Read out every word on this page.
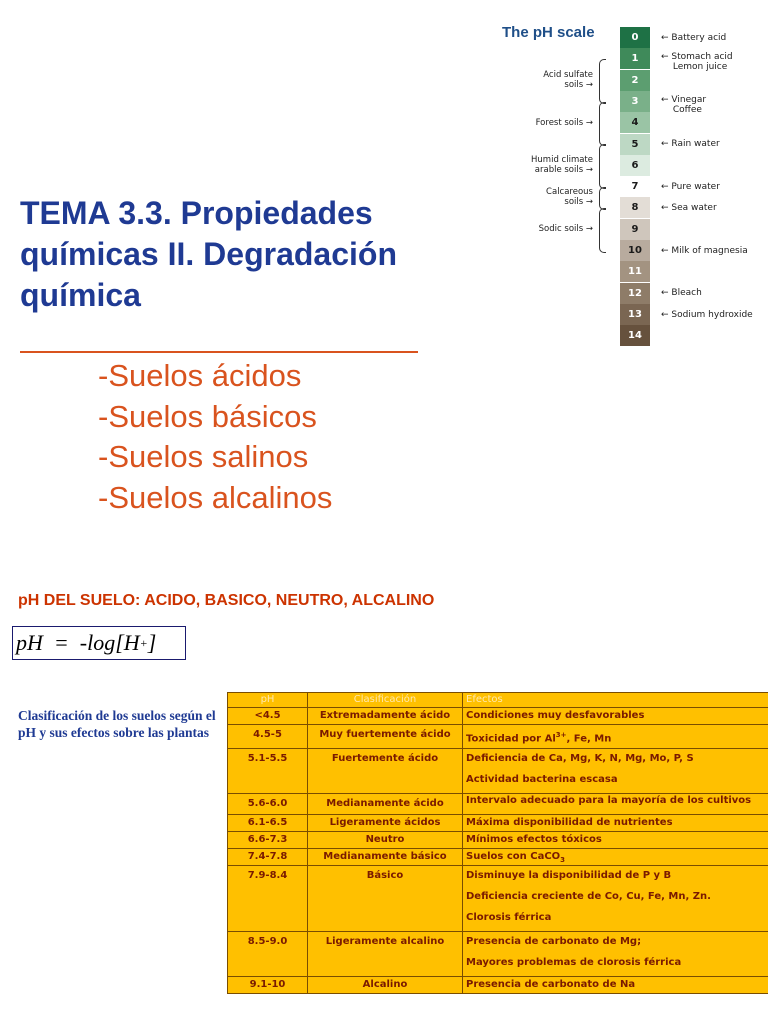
TEMA 3.3. Propiedades
químicas II. Degradación
química
-Suelos ácidos
-Suelos básicos
-Suelos salinos
-Suelos alcalinos
The pH scale	0
1
2
3
4
5
6
7
8
9
10
11
12
13
14
← Battery acid
← Stomach acid
  Lemon juice
← Vinegar
  Coffee
← Rain water
← Pure water
← Sea water
← Milk of magnesia
← Bleach
← Sodium hydroxide
Acid sulfate
soils →
Forest soils →
Humid climate
arable soils →
Calcareous
soils →
Sodic soils →
pH DEL SUELO: ACIDO, BASICO, NEUTRO, ALCALINO
pH
=
-log[H + ]
Clasificación de los suelos según el pH y sus efectos sobre las plantas
pH	Clasificación	Efectos
<4.5	Extremadamente ácido	Condiciones muy desfavorables

4.5-5	Muy fuertemente ácido	Toxicidad por $Al^{3+}$, Fe, Mn

5.1-5.5	Fuertemente ácido	Deficiencia de Ca, Mg, K, N, Mg, Mo, P, S
Actividad bacterina escasa

5.6-6.0	Medianamente ácido	Intervalo adecuado para la mayoría de los cultivos

6.1-6.5	Ligeramente ácidos	Máxima disponibilidad de nutrientes

6.6-7.3	Neutro	Mínimos efectos tóxicos

7.4-7.8	Medianamente básico	Suelos con CaCO$_3$

7.9-8.4	Básico	Disminuye la disponibilidad de P y B
Deficiencia creciente de Co, Cu, Fe, Mn, Zn.
Clorosis férrica

8.5-9.0	Ligeramente alcalino	Presencia de carbonato de Mg;
Mayores problemas de clorosis férrica

9.1-10	Alcalino	Presencia de carbonato de Na
